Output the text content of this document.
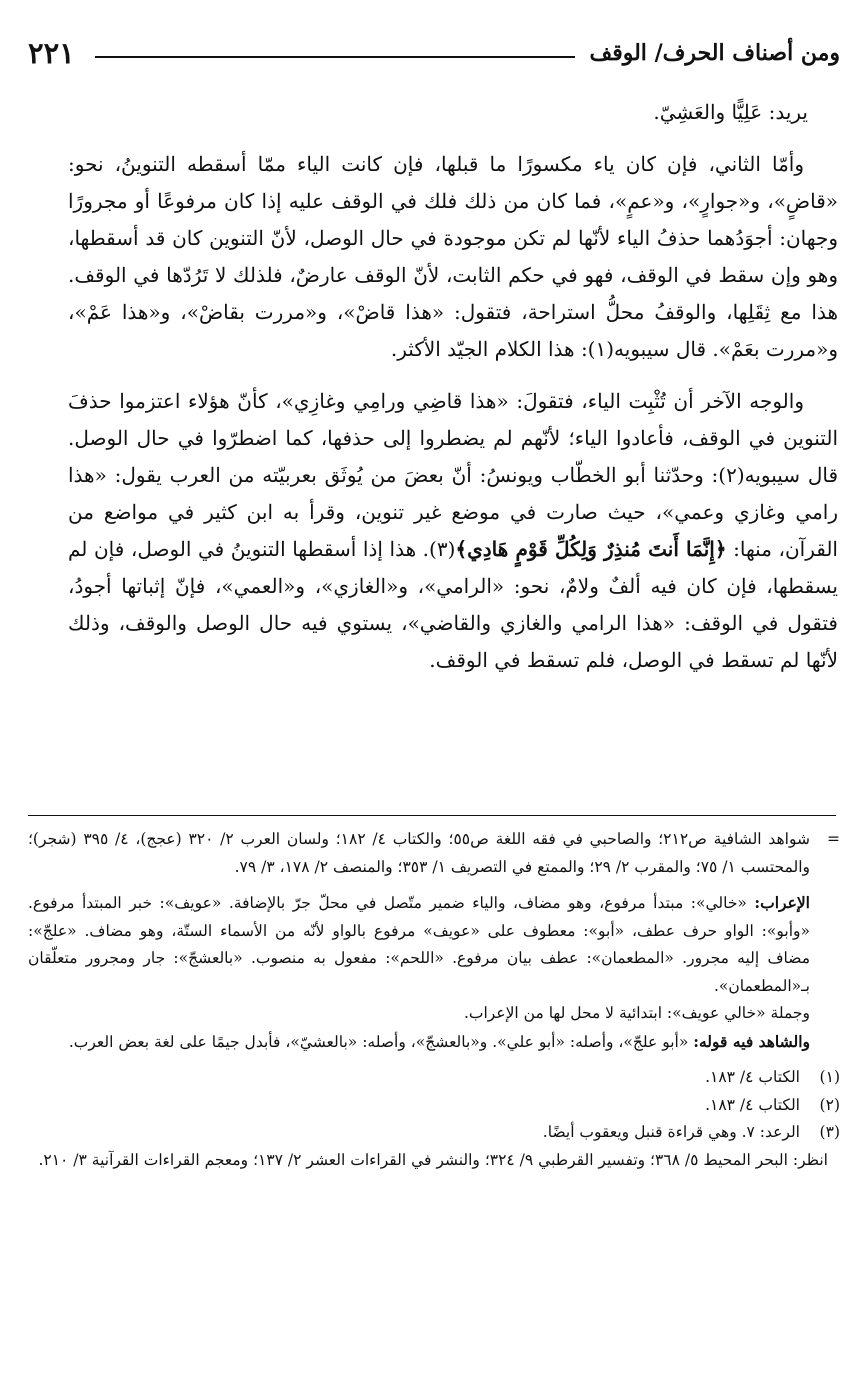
٢٢١	ومن أصناف الحرف/ الوقف

يريد: عَلِيًّا والعَشِيّ.

وأمّا الثاني، فإن كان ياء مكسورًا ما قبلها، فإن كانت الياء ممّا أسقطه التنوينُ، نحو: «قاضٍ»، و«جوارٍ»، و«عمٍ»، فما كان من ذلك فلك في الوقف عليه إذا كان مرفوعًا أو مجرورًا وجهان: أجوَدُهما حذفُ الياء لأنّها لم تكن موجودة في حال الوصل، لأنّ التنوين كان قد أسقطها، وهو وإن سقط في الوقف، فهو في حكم الثابت، لأنّ الوقف عارضٌ، فلذلك لا تَرُدّها في الوقف. هذا مع ثِقَلِها، والوقفُ محلُّ استراحة، فتقول: «هذا قاضْ»، و«مررت بقاضْ»، و«هذا عَمْ»، و«مررت بعَمْ». قال سيبويه(١): هذا الكلام الجيّد الأكثر.

والوجه الآخر أن تُثْبِت الياء، فتقولَ: «هذا قاضِي ورامِي وغازِي»، كأنّ هؤلاء اعتزموا حذفَ التنوين في الوقف، فأعادوا الياء؛ لأنّهم لم يضطروا إلى حذفها، كما اضطرّوا في حال الوصل. قال سيبويه(٢): وحدّثنا أبو الخطّاب ويونسُ: أنّ بعضَ من يُوثَق بعربيّته من العرب يقول: «هذا رامي وغازي وعمي»، حيث صارت في موضع غير تنوين، وقرأ به ابن كثير في مواضع من القرآن، منها: ﴿إِنَّمَا أَنتَ مُنذِرٌ وَلِكُلِّ قَوْمٍ هَادِي﴾(٣). هذا إذا أسقطها التنوينُ في الوصل، فإن لم يسقطها، فإن كان فيه ألفٌ ولامٌ، نحو: «الرامي»، و«الغازي»، و«العمي»، فإنّ إثباتها أجودُ، فتقول في الوقف: «هذا الرامي والغازي والقاضي»، يستوي فيه حال الوصل والوقف، وذلك لأنّها لم تسقط في الوصل، فلم تسقط في الوقف.

=

شواهد الشافية ص٢١٢؛ والصاحبي في فقه اللغة ص٥٥؛ والكتاب ٤/ ١٨٢؛ ولسان العرب ٢/ ٣٢٠ (عجج)، ٤/ ٣٩٥ (شجر)؛ والمحتسب ١/ ٧٥؛ والمقرب ٢/ ٢٩؛ والممتع في التصريف ١/ ٣٥٣؛ والمنصف ٢/ ١٧٨، ٣/ ٧٩.

الإعراب: «خالي»: مبتدأ مرفوع، وهو مضاف، والياء ضمير متّصل في محلّ جرّ بالإضافة. «عويف»: خبر المبتدأ مرفوع. «وأبو»: الواو حرف عطف، «أبو»: معطوف على «عويف» مرفوع بالواو لأنّه من الأسماء الستّة، وهو مضاف. «علجّ»: مضاف إليه مجرور. «المطعمان»: عطف بيان مرفوع. «اللحم»: مفعول به منصوب. «بالعشجّ»: جار ومجرور متعلّقان بـ«المطعمان».

وجملة «خالي عويف»: ابتدائية لا محل لها من الإعراب.

والشاهد فيه قوله: «أبو علجّ»، وأصله: «أبو علي». و«بالعشجّ»، وأصله: «بالعشيّ»، فأبدل جيمًا على لغة بعض العرب.

(١)
الكتاب ٤/ ١٨٣.
(٢)
الكتاب ٤/ ١٨٣.
(٣)
الرعد: ٧. وهي قراءة قنبل ويعقوب أيضًا.
انظر: البحر المحيط ٥/ ٣٦٨؛ وتفسير القرطبي ٩/ ٣٢٤؛ والنشر في القراءات العشر ٢/ ١٣٧؛ ومعجم القراءات القرآنية ٣/ ٢١٠.
